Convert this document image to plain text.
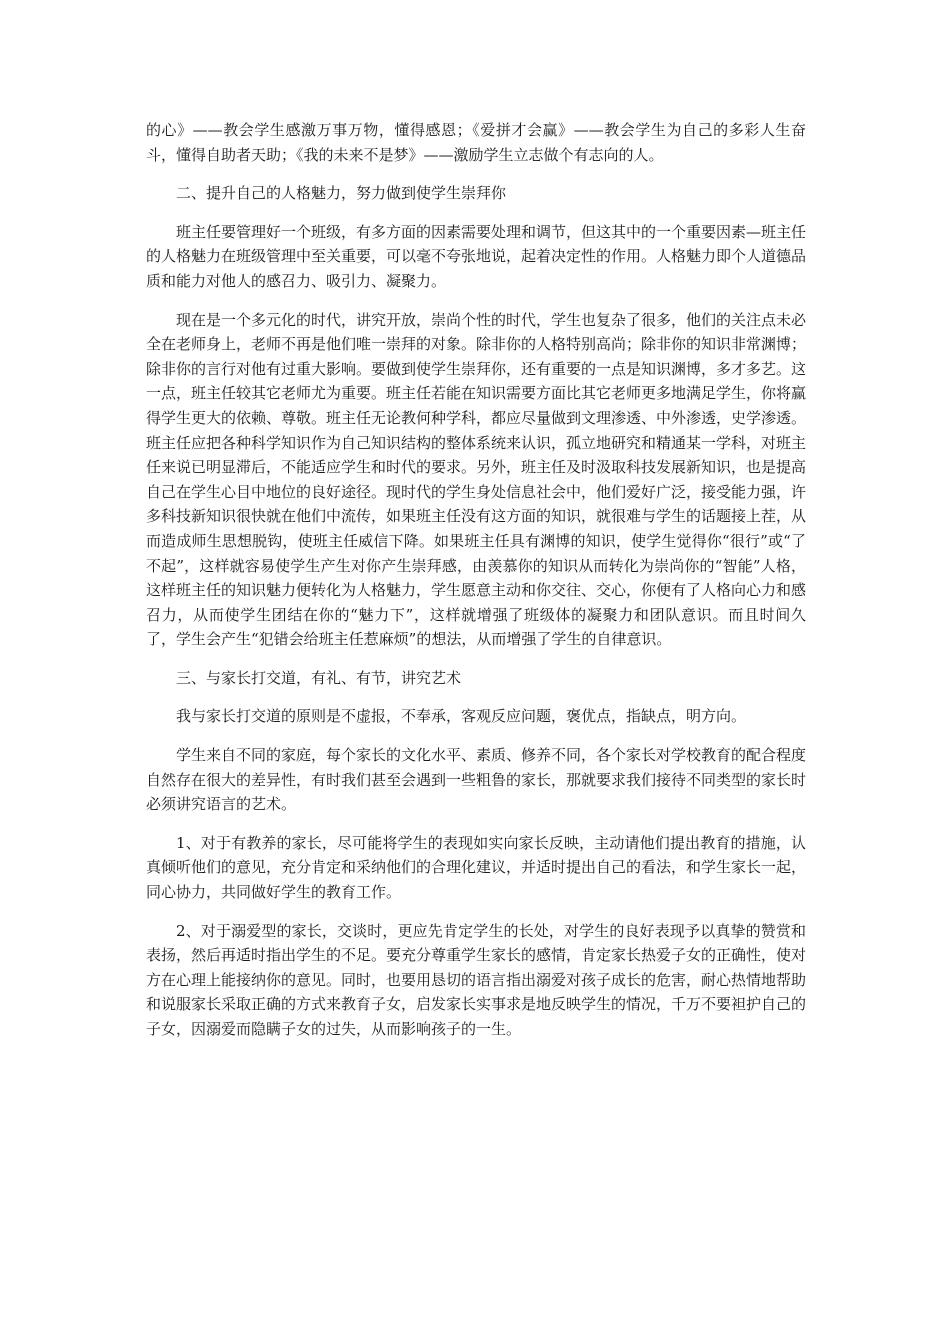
的心》——教会学生感激万事万物，懂得感恩；《爱拼才会赢》——教会学生为自己的多彩人生奋斗，懂得自助者天助；《我的未来不是梦》——激励学生立志做个有志向的人。

二、提升自己的人格魅力，努力做到使学生崇拜你

班主任要管理好一个班级，有多方面的因素需要处理和调节，但这其中的一个重要因素—班主任的人格魅力在班级管理中至关重要，可以毫不夸张地说，起着决定性的作用。人格魅力即个人道德品质和能力对他人的感召力、吸引力、凝聚力。

现在是一个多元化的时代，讲究开放，崇尚个性的时代，学生也复杂了很多，他们的关注点未必全在老师身上，老师不再是他们唯一崇拜的对象。除非你的人格特别高尚；除非你的知识非常渊博；除非你的言行对他有过重大影响。要做到使学生崇拜你，还有重要的一点是知识渊博，多才多艺。这一点，班主任较其它老师尤为重要。班主任若能在知识需要方面比其它老师更多地满足学生，你将赢得学生更大的依赖、尊敬。班主任无论教何种学科，都应尽量做到文理渗透、中外渗透，史学渗透。班主任应把各种科学知识作为自己知识结构的整体系统来认识，孤立地研究和精通某一学科，对班主任来说已明显滞后，不能适应学生和时代的要求。另外，班主任及时汲取科技发展新知识，也是提高自己在学生心目中地位的良好途径。现时代的学生身处信息社会中，他们爱好广泛，接受能力强，许多科技新知识很快就在他们中流传，如果班主任没有这方面的知识，就很难与学生的话题接上茬，从而造成师生思想脱钩，使班主任威信下降。如果班主任具有渊博的知识，使学生觉得你“很行”或“了不起”，这样就容易使学生产生对你产生崇拜感，由羡慕你的知识从而转化为崇尚你的“智能”人格，这样班主任的知识魅力便转化为人格魅力，学生愿意主动和你交往、交心，你便有了人格向心力和感召力，从而使学生团结在你的“魅力下”，这样就增强了班级体的凝聚力和团队意识。而且时间久了，学生会产生“犯错会给班主任惹麻烦”的想法，从而增强了学生的自律意识。

三、与家长打交道，有礼、有节，讲究艺术

我与家长打交道的原则是不虚报，不奉承，客观反应问题，褒优点，指缺点，明方向。

学生来自不同的家庭，每个家长的文化水平、素质、修养不同，各个家长对学校教育的配合程度自然存在很大的差异性，有时我们甚至会遇到一些粗鲁的家长，那就要求我们接待不同类型的家长时必须讲究语言的艺术。

1、对于有教养的家长，尽可能将学生的表现如实向家长反映，主动请他们提出教育的措施，认真倾听他们的意见，充分肯定和采纳他们的合理化建议，并适时提出自己的看法，和学生家长一起，同心协力，共同做好学生的教育工作。

2、对于溺爱型的家长，交谈时，更应先肯定学生的长处，对学生的良好表现予以真挚的赞赏和表扬，然后再适时指出学生的不足。要充分尊重学生家长的感情，肯定家长热爱子女的正确性，使对方在心理上能接纳你的意见。同时，也要用恳切的语言指出溺爱对孩子成长的危害，耐心热情地帮助和说服家长采取正确的方式来教育子女，启发家长实事求是地反映学生的情况，千万不要袒护自己的子女，因溺爱而隐瞒子女的过失，从而影响孩子的一生。
